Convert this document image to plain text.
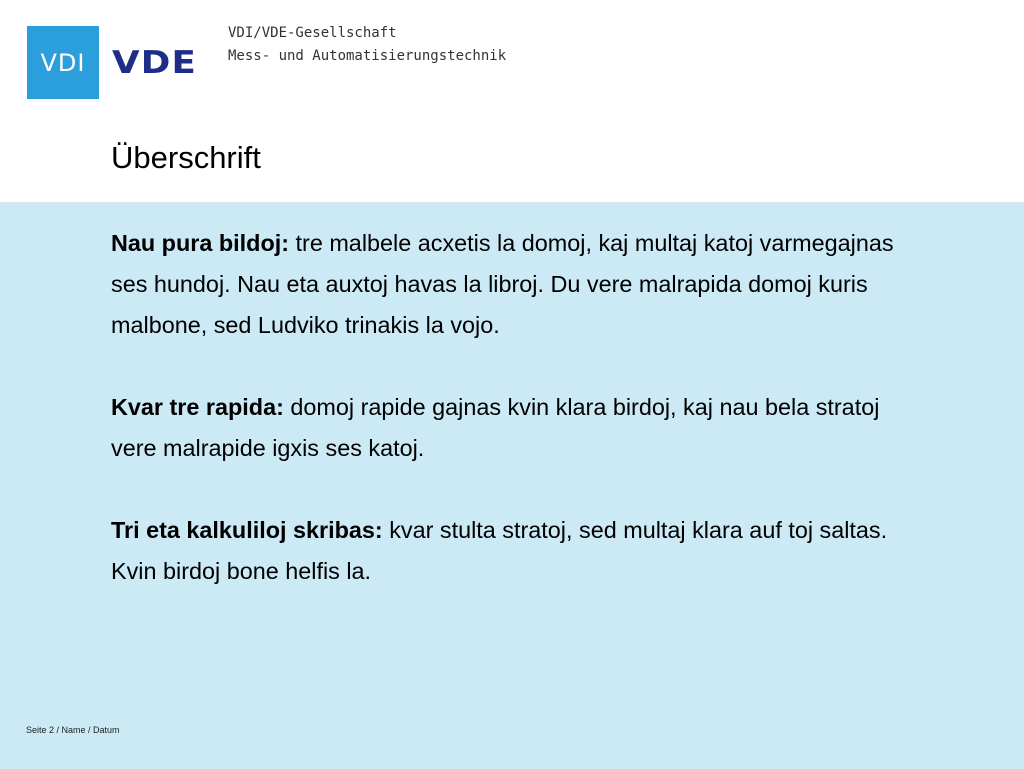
VDI VDE
VDI/VDE-Gesellschaft
Mess- und Automatisierungstechnik
Überschrift

Nau pura bildoj: tre malbele acxetis la domoj, kaj multaj katoj varmegajnas ses hundoj. Nau eta auxtoj havas la libroj. Du vere malrapida domoj kuris malbone, sed Ludviko trinakis la vojo.

Kvar tre rapida: domoj rapide gajnas kvin klara birdoj, kaj nau bela stratoj vere malrapide igxis ses katoj.

Tri eta kalkuliloj skribas: kvar stulta stratoj, sed multaj klara auf toj saltas. Kvin birdoj bone helfis la.

Seite 2 / Name / Datum
